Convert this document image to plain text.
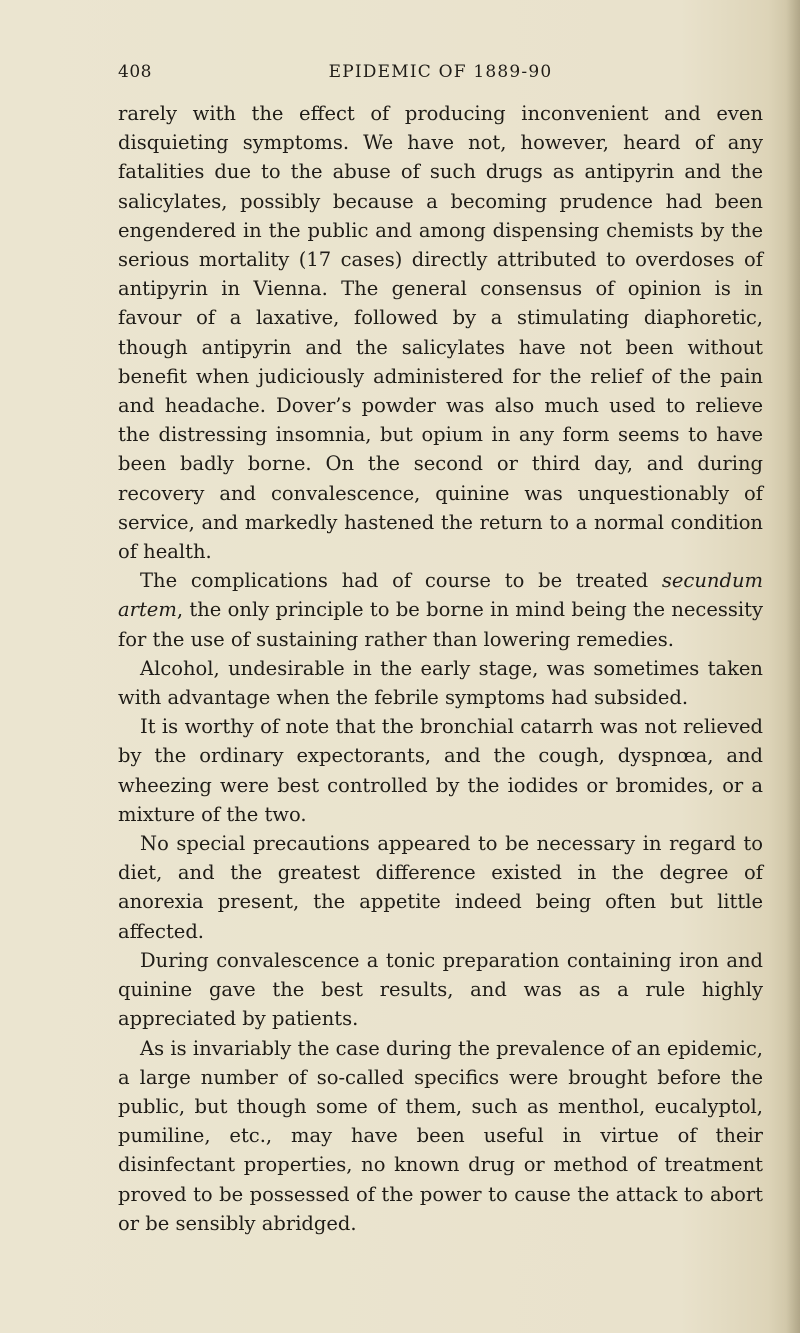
408	EPIDEMIC OF 1889-90

rarely with the effect of producing inconvenient and even disquieting symptoms. We have not, however, heard of any fatalities due to the abuse of such drugs as antipyrin and the salicylates, possibly because a becoming prudence had been engendered in the public and among dispensing chemists by the serious mortality (17 cases) directly attributed to overdoses of antipyrin in Vienna. The general consensus of opinion is in favour of a laxative, followed by a stimulating diaphoretic, though antipyrin and the salicylates have not been without benefit when judiciously administered for the relief of the pain and headache. Dover’s powder was also much used to relieve the distressing insomnia, but opium in any form seems to have been badly borne. On the second or third day, and during recovery and convalescence, quinine was unquestionably of service, and markedly hastened the return to a normal condition of health.

The complications had of course to be treated secundum artem, the only principle to be borne in mind being the necessity for the use of sustaining rather than lowering remedies.

Alcohol, undesirable in the early stage, was sometimes taken with advantage when the febrile symptoms had subsided.

It is worthy of note that the bronchial catarrh was not relieved by the ordinary expectorants, and the cough, dyspnœa, and wheezing were best controlled by the iodides or bromides, or a mixture of the two.

No special precautions appeared to be necessary in regard to diet, and the greatest difference existed in the degree of anorexia present, the appetite indeed being often but little affected.

During convalescence a tonic preparation containing iron and quinine gave the best results, and was as a rule highly appreciated by patients.

As is invariably the case during the prevalence of an epidemic, a large number of so-called specifics were brought before the public, but though some of them, such as menthol, eucalyptol, pumiline, etc., may have been useful in virtue of their disinfectant properties, no known drug or method of treatment proved to be possessed of the power to cause the attack to abort or be sensibly abridged.
